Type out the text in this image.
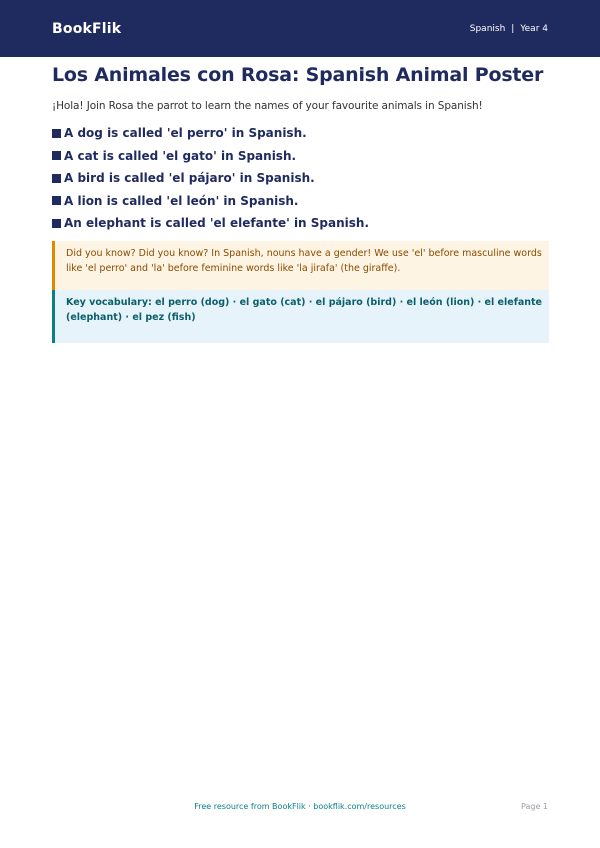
BookFlik	Spanish | Year 4
Los Animales con Rosa: Spanish Animal Poster

¡Hola! Join Rosa the parrot to learn the names of your favourite animals in Spanish!

A dog is called 'el perro' in Spanish.
A cat is called 'el gato' in Spanish.
A bird is called 'el pájaro' in Spanish.
A lion is called 'el león' in Spanish.
An elephant is called 'el elefante' in Spanish.
Did you know? Did you know? In Spanish, nouns have a gender! We use 'el' before masculine words like 'el perro' and 'la' before feminine words like 'la jirafa' (the giraffe).
Key vocabulary: el perro (dog) · el gato (cat) · el pájaro (bird) · el león (lion) · el elefante (elephant) · el pez (fish)
Free resource from BookFlik · bookflik.com/resources	Page 1
